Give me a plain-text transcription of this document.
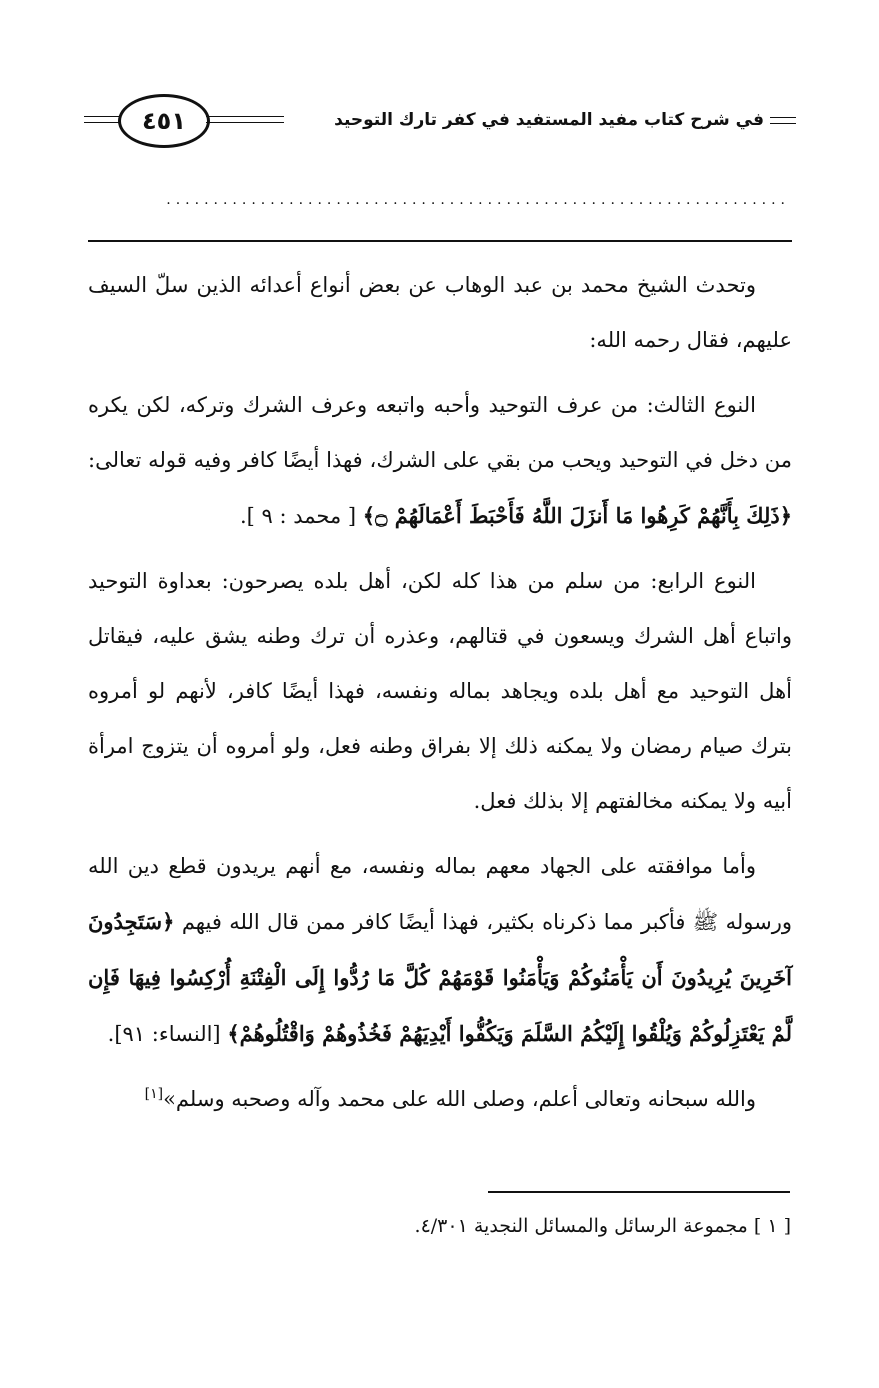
في شرح كتاب مفيد المستفيد في كفر تارك التوحيد
٤٥١
..................................................................

وتحدث الشيخ محمد بن عبد الوهاب عن بعض أنواع أعدائه الذين سلّ السيف عليهم، فقال رحمه الله:

النوع الثالث: من عرف التوحيد وأحبه واتبعه وعرف الشرك وتركه، لكن يكره من دخل في التوحيد ويحب من بقي على الشرك، فهذا أيضًا كافر وفيه قوله تعالى: ﴿ذَلِكَ بِأَنَّهُمْ كَرِهُوا مَا أَنزَلَ اللَّهُ فَأَحْبَطَ أَعْمَالَهُمْ ۝﴾ [ محمد : ٩ ].

النوع الرابع: من سلم من هذا كله لكن، أهل بلده يصرحون: بعداوة التوحيد واتباع أهل الشرك ويسعون في قتالهم، وعذره أن ترك وطنه يشق عليه، فيقاتل أهل التوحيد مع أهل بلده ويجاهد بماله ونفسه، فهذا أيضًا كافر، لأنهم لو أمروه بترك صيام رمضان ولا يمكنه ذلك إلا بفراق وطنه فعل، ولو أمروه أن يتزوج امرأة أبيه ولا يمكنه مخالفتهم إلا بذلك فعل.

وأما موافقته على الجهاد معهم بماله ونفسه، مع أنهم يريدون قطع دين الله ورسوله ﷺ فأكبر مما ذكرناه بكثير، فهذا أيضًا كافر ممن قال الله فيهم ﴿سَتَجِدُونَ آخَرِينَ يُرِيدُونَ أَن يَأْمَنُوكُمْ وَيَأْمَنُوا قَوْمَهُمْ كُلَّ مَا رُدُّوا إِلَى الْفِتْنَةِ أُرْكِسُوا فِيهَا فَإِن لَّمْ يَعْتَزِلُوكُمْ وَيُلْقُوا إِلَيْكُمُ السَّلَمَ وَيَكُفُّوا أَيْدِيَهُمْ فَخُذُوهُمْ وَاقْتُلُوهُمْ﴾ [النساء: ٩١].

والله سبحانه وتعالى أعلم، وصلى الله على محمد وآله وصحبه وسلم»[١]

[ ١ ] مجموعة الرسائل والمسائل النجدية ٤/٣٠١.
